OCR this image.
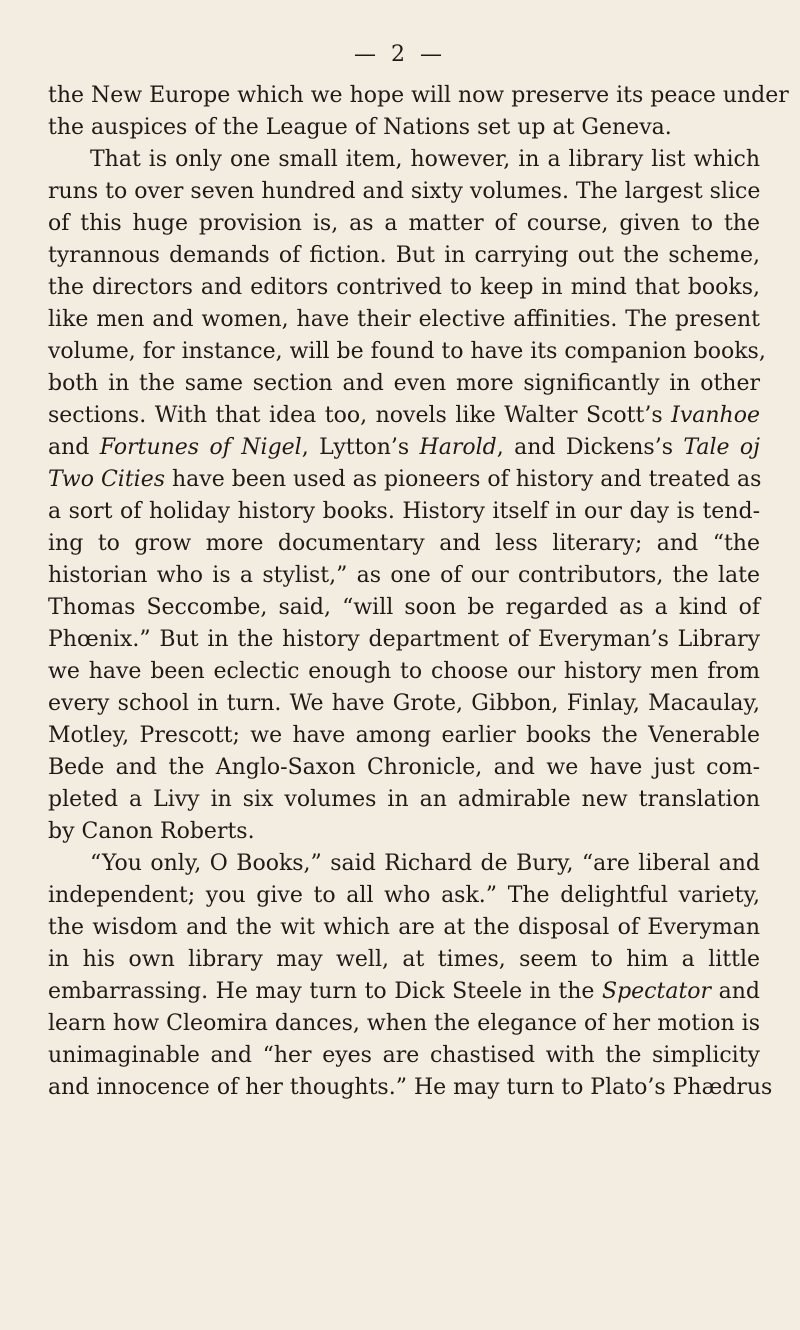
— 2 —
the New Europe which we hope will now preserve its peace under
the auspices of the League of Nations set up at Geneva.
That is only one small item, however, in a library list which
runs to over seven hundred and sixty volumes. The largest slice
of this huge provision is, as a matter of course, given to the
tyrannous demands of fiction. But in carrying out the scheme,
the directors and editors contrived to keep in mind that books,
like men and women, have their elective affinities. The present
volume, for instance, will be found to have its companion books,
both in the same section and even more significantly in other
sections. With that idea too, novels like Walter Scott’s Ivanhoe
and Fortunes of Nigel, Lytton’s Harold, and Dickens’s Tale oj
Two Cities have been used as pioneers of history and treated as
a sort of holiday history books. History itself in our day is tend-
ing to grow more documentary and less literary; and “the
historian who is a stylist,” as one of our contributors, the late
Thomas Seccombe, said, “will soon be regarded as a kind of
Phœnix.” But in the history department of Everyman’s Library
we have been eclectic enough to choose our history men from
every school in turn. We have Grote, Gibbon, Finlay, Macaulay,
Motley, Prescott; we have among earlier books the Venerable
Bede and the Anglo-Saxon Chronicle, and we have just com-
pleted a Livy in six volumes in an admirable new translation
by Canon Roberts.
“You only, O Books,” said Richard de Bury, “are liberal and
independent; you give to all who ask.” The delightful variety,
the wisdom and the wit which are at the disposal of Everyman
in his own library may well, at times, seem to him a little
embarrassing. He may turn to Dick Steele in the Spectator and
learn how Cleomira dances, when the elegance of her motion is
unimaginable and “her eyes are chastised with the simplicity
and innocence of her thoughts.” He may turn to Plato’s Phædrus
